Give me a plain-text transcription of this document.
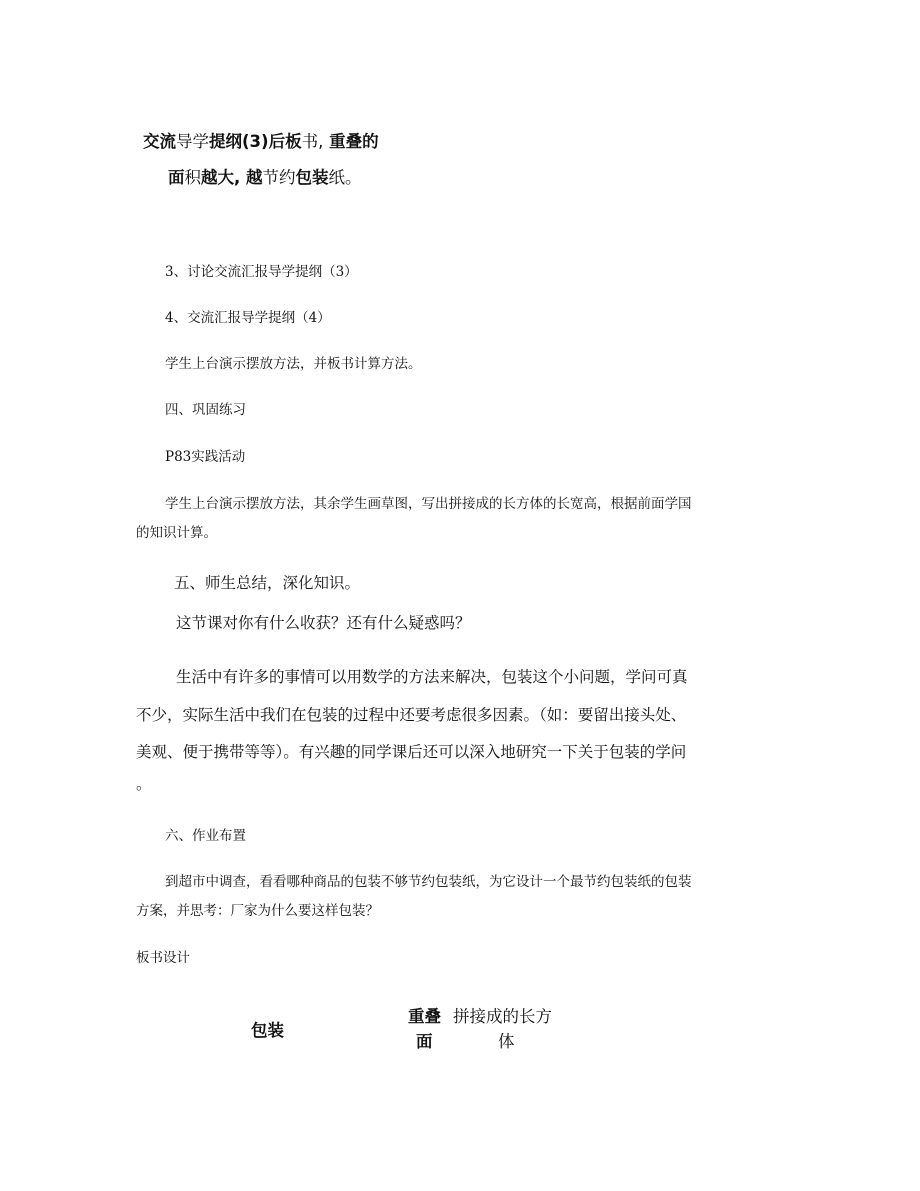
交流导学提纲(3)后板书, 重叠的
面积越大, 越节约包装纸。
3、讨论交流汇报导学提纲（3）
4、交流汇报导学提纲（4）
学生上台演示摆放方法，并板书计算方法。
四、巩固练习
P83实践活动
学生上台演示摆放方法，其余学生画草图，写出拼接成的长方体的长宽高，根据前面学国
的知识计算。
五、师生总结，深化知识。
这节课对你有什么收获？还有什么疑惑吗？
生活中有许多的事情可以用数学的方法来解决，包装这个小问题，学问可真
不少，实际生活中我们在包装的过程中还要考虑很多因素。（如：要留出接头处、
美观、便于携带等等）。有兴趣的同学课后还可以深入地研究一下关于包装的学问
。
六、作业布置
到超市中调查，看看哪种商品的包装不够节约包装纸，为它设计一个最节约包装纸的包装
方案，并思考：厂家为什么要这样包装？
板书设计
包装
重叠
面
拼接成的长方
体
